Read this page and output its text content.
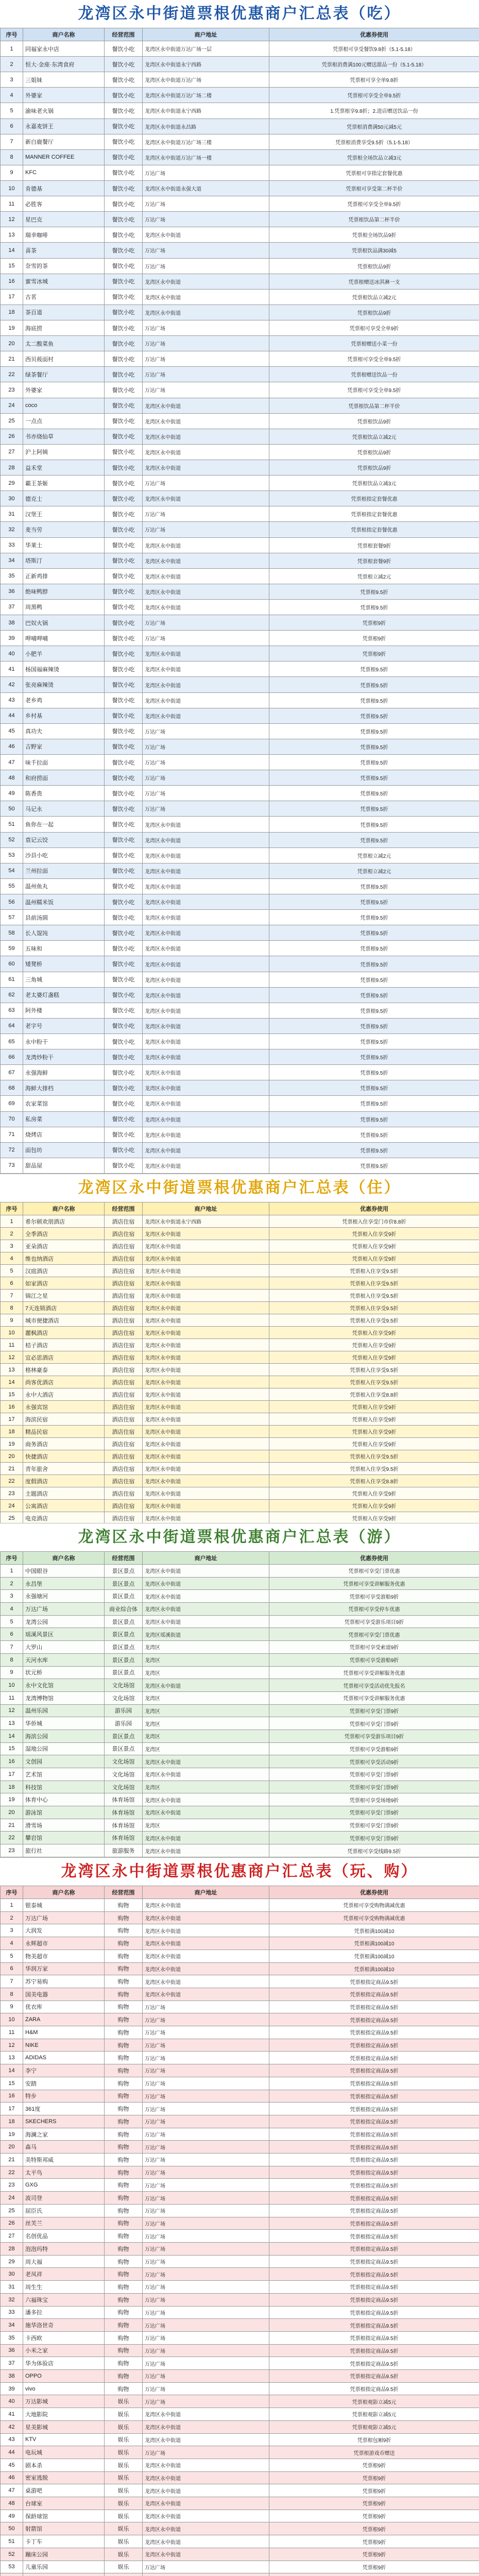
龙湾区永中街道票根优惠商户汇总表（吃）
序号	商户名称	经营范围	商户地址	优惠券使用
1	同福家永中店	餐饮小吃	龙湾区永中街道万达广场一层	凭票根可享受餐饮9.8折（5.1-5.18）
2	恒大·金座·东湾食府	餐饮小吃	龙湾区永中街道永宁西路	凭票根消费满100元赠送甜品一份（5.1-5.18）
3	三姐妹	餐饮小吃	龙湾区永中街道万达广场	凭票根可享全单9.8折
4	外婆家	餐饮小吃	龙湾区永中街道万达广场二楼	凭票根可享受全单9.5折
5	渝味老火锅	餐饮小吃	龙湾区永中街道永宁西路	1.凭票根享9.8折；2.进店赠送饮品一份
6	永嘉麦饼王	餐饮小吃	龙湾区永中街道永昌路	凭票根消费满50元减5元
7	新白鹿餐厅	餐饮小吃	龙湾区永中街道万达广场三楼	凭票根消费享受9.5折（5.1-5.18）
8	MANNER COFFEE	餐饮小吃	龙湾区永中街道万达广场一楼	凭票根全场饮品立减3元
9	KFC	餐饮小吃	万达广场	凭票根可享指定套餐优惠
10	肯德基	餐饮小吃	龙湾区永中街道永强大道	凭票根可享受第二杯半价
11	必胜客	餐饮小吃	万达广场	凭票根可享受全单9.5折
12	星巴克	餐饮小吃	万达广场	凭票根饮品第二杯半价
13	瑞幸咖啡	餐饮小吃	龙湾区永中街道	凭票根全场饮品9折
14	喜茶	餐饮小吃	万达广场	凭票根饮品满30减5
15	奈雪的茶	餐饮小吃	万达广场	凭票根饮品9折
16	蜜雪冰城	餐饮小吃	龙湾区永中街道	凭票根赠送冰淇淋一支
17	古茗	餐饮小吃	龙湾区永中街道	凭票根饮品立减2元
18	茶百道	餐饮小吃	龙湾区永中街道	凭票根饮品9折
19	海底捞	餐饮小吃	万达广场	凭票根可享受全单9折
20	太二酸菜鱼	餐饮小吃	万达广场	凭票根赠送小菜一份
21	西贝莜面村	餐饮小吃	万达广场	凭票根可享受全单9.5折
22	绿茶餐厅	餐饮小吃	万达广场	凭票根赠送饮品一份
23	外婆家	餐饮小吃	万达广场	凭票根可享受全单9.5折
24	coco	餐饮小吃	龙湾区永中街道	凭票根饮品第二杯半价
25	一点点	餐饮小吃	龙湾区永中街道	凭票根饮品9折
26	书亦烧仙草	餐饮小吃	龙湾区永中街道	凭票根饮品立减2元
27	沪上阿姨	餐饮小吃	龙湾区永中街道	凭票根饮品9折
28	益禾堂	餐饮小吃	龙湾区永中街道	凭票根饮品9折
29	霸王茶姬	餐饮小吃	万达广场	凭票根饮品立减3元
30	德克士	餐饮小吃	龙湾区永中街道	凭票根指定套餐优惠
31	汉堡王	餐饮小吃	万达广场	凭票根指定套餐优惠
32	麦当劳	餐饮小吃	万达广场	凭票根指定套餐优惠
33	华莱士	餐饮小吃	龙湾区永中街道	凭票根套餐9折
34	塔斯汀	餐饮小吃	龙湾区永中街道	凭票根套餐9折
35	正新鸡排	餐饮小吃	龙湾区永中街道	凭票根立减2元
36	绝味鸭脖	餐饮小吃	龙湾区永中街道	凭票根9.5折
37	周黑鸭	餐饮小吃	龙湾区永中街道	凭票根9.5折
38	巴奴火锅	餐饮小吃	万达广场	凭票根9折
39	呷哺呷哺	餐饮小吃	万达广场	凭票根9折
40	小肥羊	餐饮小吃	龙湾区永中街道	凭票根9折
41	杨国福麻辣烫	餐饮小吃	龙湾区永中街道	凭票根9.5折
42	张亮麻辣烫	餐饮小吃	龙湾区永中街道	凭票根9.5折
43	老乡鸡	餐饮小吃	龙湾区永中街道	凭票根9.5折
44	乡村基	餐饮小吃	龙湾区永中街道	凭票根9.5折
45	真功夫	餐饮小吃	万达广场	凭票根9.5折
46	吉野家	餐饮小吃	万达广场	凭票根9.5折
47	味千拉面	餐饮小吃	万达广场	凭票根9.5折
48	和府捞面	餐饮小吃	万达广场	凭票根9.5折
49	陈香贵	餐饮小吃	万达广场	凭票根9.5折
50	马记永	餐饮小吃	万达广场	凭票根9.5折
51	鱼你在一起	餐饮小吃	龙湾区永中街道	凭票根9.5折
52	袁记云饺	餐饮小吃	龙湾区永中街道	凭票根9.5折
53	沙县小吃	餐饮小吃	龙湾区永中街道	凭票根立减2元
54	兰州拉面	餐饮小吃	龙湾区永中街道	凭票根立减2元
55	温州鱼丸	餐饮小吃	龙湾区永中街道	凭票根9.5折
56	温州糯米饭	餐饮小吃	龙湾区永中街道	凭票根9.5折
57	县前汤圆	餐饮小吃	龙湾区永中街道	凭票根9.5折
58	长人馄饨	餐饮小吃	龙湾区永中街道	凭票根9.5折
59	五味和	餐饮小吃	龙湾区永中街道	凭票根9.5折
60	矮凳桥	餐饮小吃	龙湾区永中街道	凭票根9.5折
61	三角城	餐饮小吃	龙湾区永中街道	凭票根9.5折
62	老太婆灯盏糕	餐饮小吃	龙湾区永中街道	凭票根9.5折
63	阿外楼	餐饮小吃	龙湾区永中街道	凭票根9.5折
64	老字号	餐饮小吃	龙湾区永中街道	凭票根9.5折
65	永中粉干	餐饮小吃	龙湾区永中街道	凭票根9.5折
66	龙湾炒粉干	餐饮小吃	龙湾区永中街道	凭票根9.5折
67	永强海鲜	餐饮小吃	龙湾区永中街道	凭票根9.5折
68	海鲜大排档	餐饮小吃	龙湾区永中街道	凭票根9.5折
69	农家菜馆	餐饮小吃	龙湾区永中街道	凭票根9.5折
70	私房菜	餐饮小吃	龙湾区永中街道	凭票根9.5折
71	烧烤店	餐饮小吃	龙湾区永中街道	凭票根9.5折
72	面包坊	餐饮小吃	龙湾区永中街道	凭票根9.5折
73	甜品屋	餐饮小吃	龙湾区永中街道	凭票根9.5折
龙湾区永中街道票根优惠商户汇总表（住）
序号	商户名称	经营范围	商户地址	优惠券使用
1	希尔顿欢朋酒店	酒店住宿	龙湾区永中街道永宁西路	凭票根入住享受门市价8.8折
2	全季酒店	酒店住宿	龙湾区永中街道	凭票根入住享受9折
3	亚朵酒店	酒店住宿	龙湾区永中街道	凭票根入住享受9折
4	维也纳酒店	酒店住宿	龙湾区永中街道	凭票根入住享受9折
5	汉庭酒店	酒店住宿	龙湾区永中街道	凭票根入住享受9.5折
6	如家酒店	酒店住宿	龙湾区永中街道	凭票根入住享受9.5折
7	锦江之星	酒店住宿	龙湾区永中街道	凭票根入住享受9.5折
8	7天连锁酒店	酒店住宿	龙湾区永中街道	凭票根入住享受9.5折
9	城市便捷酒店	酒店住宿	龙湾区永中街道	凭票根入住享受9.5折
10	麗枫酒店	酒店住宿	龙湾区永中街道	凭票根入住享受9折
11	桔子酒店	酒店住宿	龙湾区永中街道	凭票根入住享受9折
12	宜必思酒店	酒店住宿	龙湾区永中街道	凭票根入住享受9折
13	格林豪泰	酒店住宿	龙湾区永中街道	凭票根入住享受9.5折
14	尚客优酒店	酒店住宿	龙湾区永中街道	凭票根入住享受9.5折
15	永中大酒店	酒店住宿	龙湾区永中街道	凭票根入住享受8.8折
16	永强宾馆	酒店住宿	龙湾区永中街道	凭票根入住享受9折
17	海滨民宿	酒店住宿	龙湾区永中街道	凭票根入住享受9折
18	精品民宿	酒店住宿	龙湾区永中街道	凭票根入住享受9折
19	商务酒店	酒店住宿	龙湾区永中街道	凭票根入住享受9折
20	快捷酒店	酒店住宿	龙湾区永中街道	凭票根入住享受9.5折
21	青年旅舍	酒店住宿	龙湾区永中街道	凭票根入住享受9.5折
22	度假酒店	酒店住宿	龙湾区永中街道	凭票根入住享受8.8折
23	主题酒店	酒店住宿	龙湾区永中街道	凭票根入住享受9折
24	公寓酒店	酒店住宿	龙湾区永中街道	凭票根入住享受9折
25	电竞酒店	酒店住宿	龙湾区永中街道	凭票根入住享受9折
龙湾区永中街道票根优惠商户汇总表（游）
序号	商户名称	经营范围	商户地址	优惠券使用
1	中国眼谷	景区景点	龙湾区永中街道	凭票根可享受门票优惠
2	永昌堡	景区景点	龙湾区永中街道	凭票根可享受讲解服务优惠
3	永强塘河	景区景点	龙湾区永中街道	凭票根可享受游船9折
4	万达广场	商业综合体	龙湾区永中街道	凭票根可享受停车优惠
5	龙湾公园	景区景点	龙湾区永中街道	凭票根可享受游乐项目9折
6	瑶溪风景区	景区景点	龙湾区瑶溪街道	凭票根可享受门票优惠
7	大罗山	景区景点	龙湾区	凭票根可享受索道9折
8	天河水库	景区景点	龙湾区	凭票根可享受游船9折
9	状元桥	景区景点	龙湾区	凭票根可享受讲解服务优惠
10	永中文化馆	文化场馆	龙湾区永中街道	凭票根可享受活动优先报名
11	龙湾博物馆	文化场馆	龙湾区	凭票根可享受讲解服务优惠
12	温州乐园	游乐园	龙湾区	凭票根可享受门票9折
13	华侨城	游乐园	龙湾区	凭票根可享受门票9折
14	海滨公园	景区景点	龙湾区	凭票根可享受游乐项目9折
15	湿地公园	景区景点	龙湾区	凭票根可享受游船9折
16	文创园	文化场馆	龙湾区永中街道	凭票根可享受活动9折
17	艺术馆	文化场馆	龙湾区永中街道	凭票根可享受门票9折
18	科技馆	文化场馆	龙湾区	凭票根可享受门票9折
19	体育中心	体育场馆	龙湾区永中街道	凭票根可享受场地9折
20	游泳馆	体育场馆	龙湾区永中街道	凭票根可享受门票9折
21	滑雪场	体育场馆	龙湾区	凭票根可享受门票9折
22	攀岩馆	体育场馆	龙湾区永中街道	凭票根可享受门票9折
23	旅行社	旅游服务	龙湾区永中街道	凭票根可享受线路9.5折
龙湾区永中街道票根优惠商户汇总表（玩、购）
序号	商户名称	经营范围	商户地址	优惠券使用
1	银泰城	购物	龙湾区永中街道	凭票根可享受购物满减优惠
2	万达广场	购物	龙湾区永中街道	凭票根可享受购物满减优惠
3	大润发	购物	龙湾区永中街道	凭票根满100减10
4	永辉超市	购物	龙湾区永中街道	凭票根满100减10
5	物美超市	购物	龙湾区永中街道	凭票根满100减10
6	华润万家	购物	龙湾区永中街道	凭票根满100减10
7	苏宁易购	购物	龙湾区永中街道	凭票根指定商品9.5折
8	国美电器	购物	龙湾区永中街道	凭票根指定商品9.5折
9	优衣库	购物	万达广场	凭票根指定商品9.5折
10	ZARA	购物	万达广场	凭票根指定商品9.5折
11	H&M	购物	万达广场	凭票根指定商品9.5折
12	NIKE	购物	万达广场	凭票根指定商品9.5折
13	ADIDAS	购物	万达广场	凭票根指定商品9.5折
14	李宁	购物	万达广场	凭票根指定商品9.5折
15	安踏	购物	万达广场	凭票根指定商品9.5折
16	特步	购物	万达广场	凭票根指定商品9.5折
17	361度	购物	万达广场	凭票根指定商品9.5折
18	SKECHERS	购物	万达广场	凭票根指定商品9.5折
19	海澜之家	购物	万达广场	凭票根指定商品9.5折
20	森马	购物	万达广场	凭票根指定商品9.5折
21	美特斯邦威	购物	万达广场	凭票根指定商品9.5折
22	太平鸟	购物	万达广场	凭票根指定商品9.5折
23	GXG	购物	万达广场	凭票根指定商品9.5折
24	波司登	购物	万达广场	凭票根指定商品9.5折
25	屈臣氏	购物	万达广场	凭票根指定商品9.5折
26	丝芙兰	购物	万达广场	凭票根指定商品9.5折
27	名创优品	购物	万达广场	凭票根指定商品9.5折
28	泡泡玛特	购物	万达广场	凭票根指定商品9.5折
29	周大福	购物	万达广场	凭票根指定商品9.5折
30	老凤祥	购物	万达广场	凭票根指定商品9.5折
31	周生生	购物	万达广场	凭票根指定商品9.5折
32	六福珠宝	购物	万达广场	凭票根指定商品9.5折
33	潘多拉	购物	万达广场	凭票根指定商品9.5折
34	施华洛世奇	购物	万达广场	凭票根指定商品9.5折
35	卡西欧	购物	万达广场	凭票根指定商品9.5折
36	小米之家	购物	万达广场	凭票根指定商品9.5折
37	华为体验店	购物	万达广场	凭票根指定商品9.5折
38	OPPO	购物	万达广场	凭票根指定商品9.5折
39	vivo	购物	万达广场	凭票根指定商品9.5折
40	万达影城	娱乐	万达广场	凭票根观影立减5元
41	大地影院	娱乐	龙湾区永中街道	凭票根观影立减5元
42	星美影城	娱乐	龙湾区永中街道	凭票根观影立减5元
43	KTV	娱乐	龙湾区永中街道	凭票根包厢9折
44	电玩城	娱乐	万达广场	凭票根游戏币赠送
45	剧本杀	娱乐	龙湾区永中街道	凭票根9折
46	密室逃脱	娱乐	龙湾区永中街道	凭票根9折
47	桌游吧	娱乐	龙湾区永中街道	凭票根9折
48	台球室	娱乐	龙湾区永中街道	凭票根9折
49	保龄球馆	娱乐	龙湾区永中街道	凭票根9折
50	射箭馆	娱乐	龙湾区永中街道	凭票根9折
51	卡丁车	娱乐	龙湾区永中街道	凭票根9折
52	蹦床公园	娱乐	龙湾区永中街道	凭票根9折
53	儿童乐园	娱乐	万达广场	凭票根9折
